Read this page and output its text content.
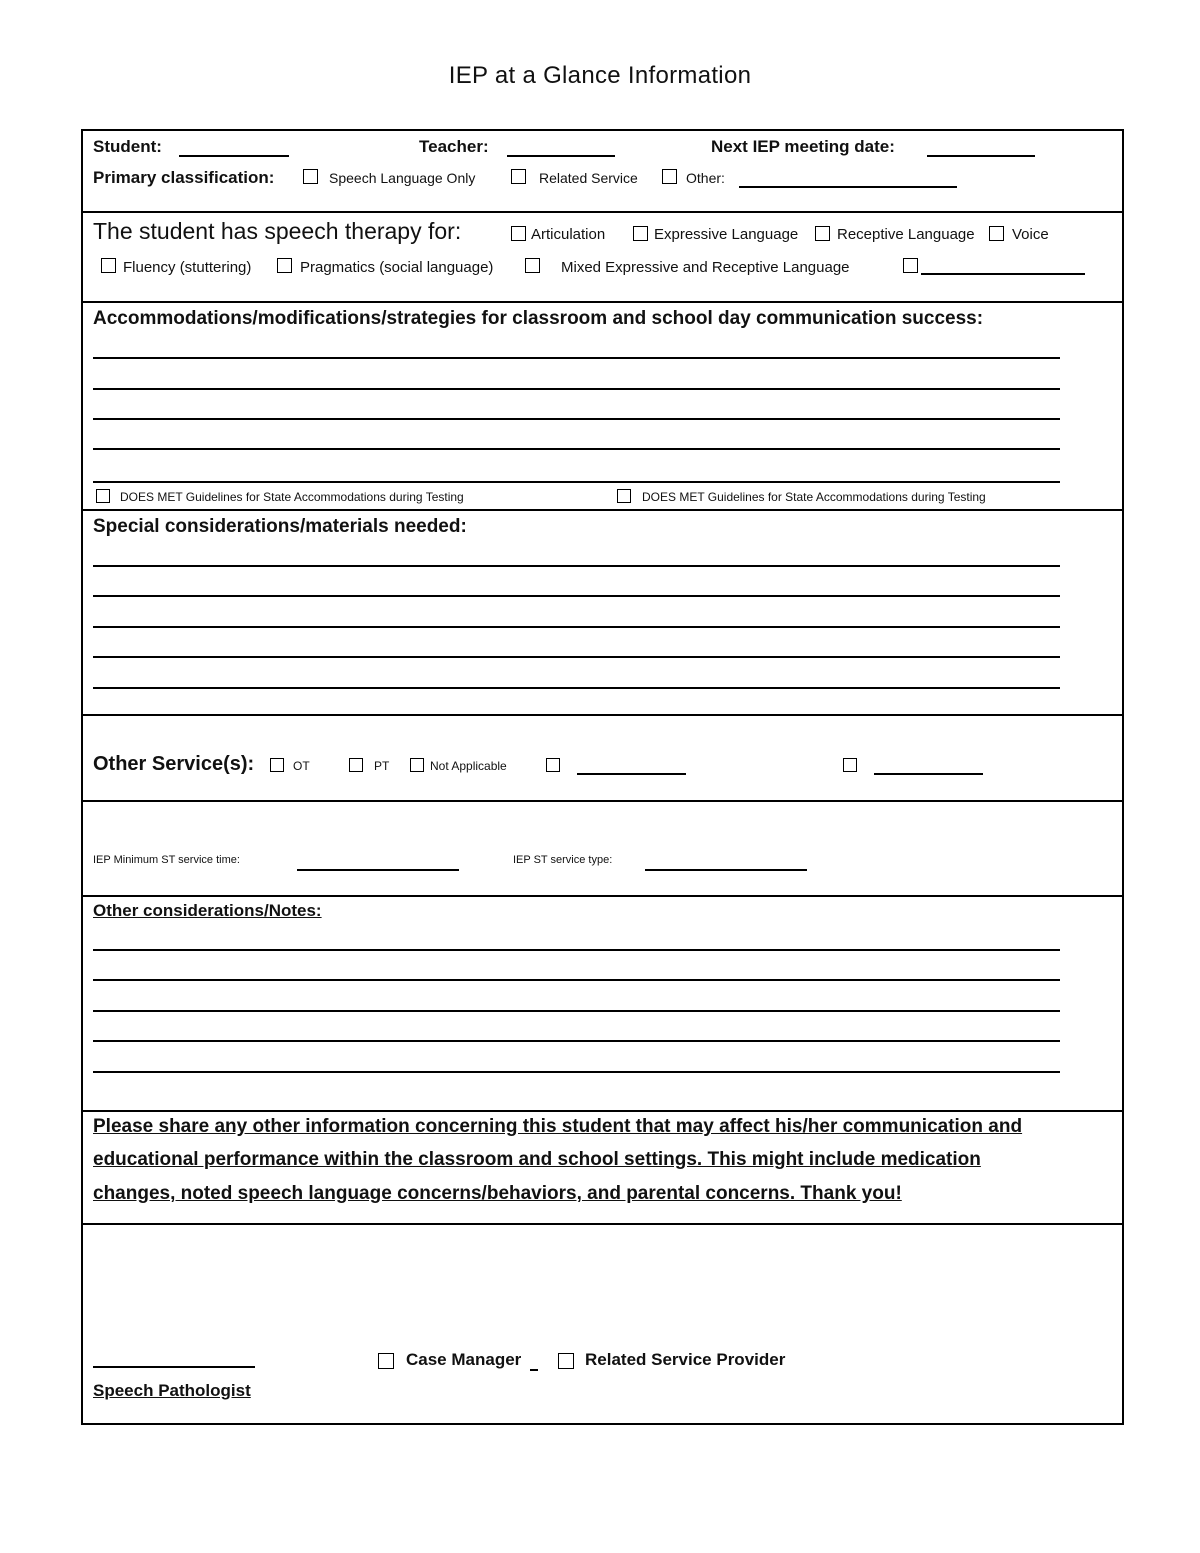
IEP at a Glance Information
Student:	Teacher:	Next IEP meeting date:
Primary classification:	Speech Language Only	Related Service	Other:
The student has speech therapy for:	Articulation	Expressive Language	Receptive Language Voice
Fluency (stuttering)	Pragmatics (social language)	Mixed Expressive and Receptive Language
Accommodations/modifications/strategies for classroom and school day communication success:
DOES MET Guidelines for State Accommodations during Testing	DOES MET Guidelines for State Accommodations during Testing
Special considerations/materials needed:
Other Service(s):	OT	PT	Not Applicable
IEP Minimum ST service time:	IEP ST service type:
Other considerations/Notes:
Please share any other information concerning this student that may affect his/her communication and
educational performance within the classroom and school settings. This might include medication
changes, noted speech language concerns/behaviors, and parental concerns. Thank you!
Case Manager	Related Service Provider
Speech Pathologist
